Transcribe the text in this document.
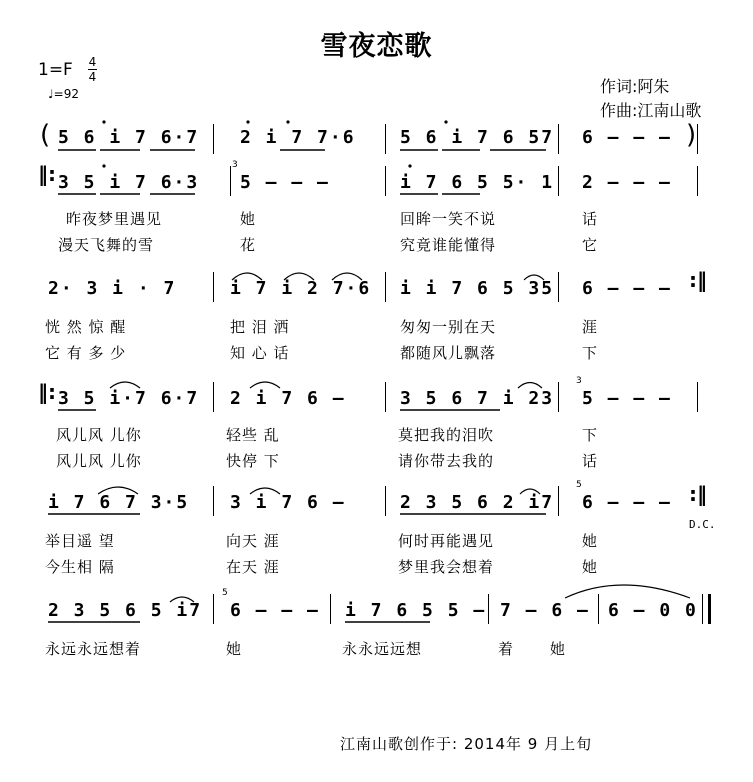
雪夜恋歌
1=F 4
4
♩=92	作词:阿朱
作曲:江南山歌
( 5 6 i 7 6·7 2 i 7 7·6 5 6 i 7 6 57 6 – – – )
‖: 3 5 i 7 6·3
3
5 – – –	i 7 6 5 5· 1 2 – – –
昨夜梦里遇见	她	回眸一笑不说	话
漫天飞舞的雪	花	究竟谁能懂得	它
2· 3 i · 7	i 7 i 2 7·6 i i 7 6 5 35 6 – – – :‖
恍 然 惊 醒	把 泪 洒	匆匆一别在天	涯
它 有 多 少	知 心 话	都随风儿飘落	下
‖: 3 5 i·7 6·7 2 i 7 6 –	3 5 6 7 i 23
3
5 – – –
风儿风 儿你	轻些 乱	莫把我的泪吹	下
风儿风 儿你	快停 下	请你带去我的	话
i 7 6 7 3·5 3 i 7 6 –	2 3 5 6 2 i7
5
6 – – – :‖
D.C.
举目遥 望	向天 涯	何时再能遇见	她
今生相 隔	在天 涯	梦里我会想着	她
2 3 5 6 5 i7
5
6 – – – i 7 6 5 5 – 7 – 6 – 6 – 0 0
永远永远想着	她	永永远远想	着 她
江南山歌创作于: 2014年 9 月上旬
